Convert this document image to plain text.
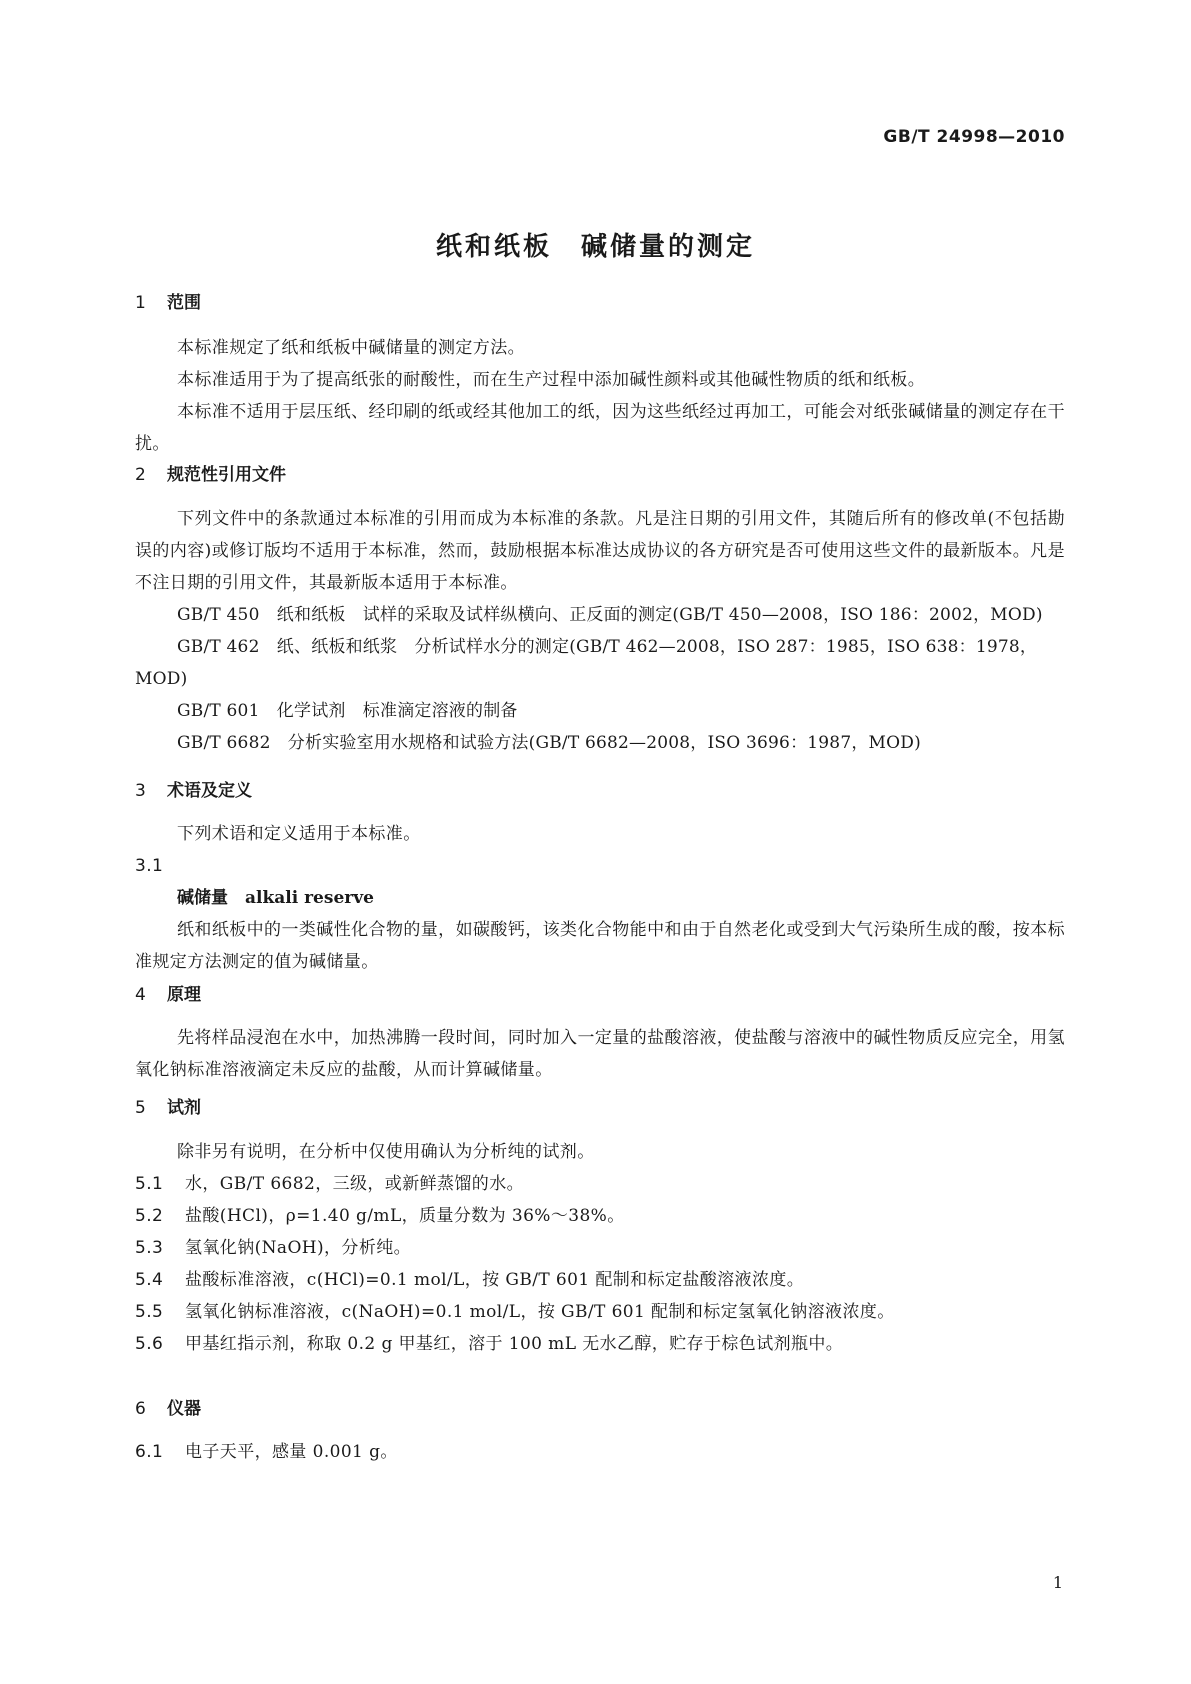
GB/T 24998—2010
纸和纸板　碱储量的测定
1 范围
本标准规定了纸和纸板中碱储量的测定方法。
本标准适用于为了提高纸张的耐酸性，而在生产过程中添加碱性颜料或其他碱性物质的纸和纸板。
本标准不适用于层压纸、经印刷的纸或经其他加工的纸，因为这些纸经过再加工，可能会对纸张碱储量的测定存在干扰。
2 规范性引用文件
下列文件中的条款通过本标准的引用而成为本标准的条款。凡是注日期的引用文件，其随后所有的修改单(不包括勘误的内容)或修订版均不适用于本标准，然而，鼓励根据本标准达成协议的各方研究是否可使用这些文件的最新版本。凡是不注日期的引用文件，其最新版本适用于本标准。
GB/T 450　纸和纸板　试样的采取及试样纵横向、正反面的测定(GB/T 450—2008，ISO 186：2002，MOD)
GB/T 462　纸、纸板和纸浆　分析试样水分的测定(GB/T 462—2008，ISO 287：1985，ISO 638：1978，MOD)
GB/T 601　化学试剂　标准滴定溶液的制备
GB/T 6682　分析实验室用水规格和试验方法(GB/T 6682—2008，ISO 3696：1987，MOD)
3 术语及定义
下列术语和定义适用于本标准。
3.1
碱储量　 alkali reserve
纸和纸板中的一类碱性化合物的量，如碳酸钙，该类化合物能中和由于自然老化或受到大气污染所生成的酸，按本标准规定方法测定的值为碱储量。
4 原理
先将样品浸泡在水中，加热沸腾一段时间，同时加入一定量的盐酸溶液，使盐酸与溶液中的碱性物质反应完全，用氢氧化钠标准溶液滴定未反应的盐酸，从而计算碱储量。
5 试剂
除非另有说明，在分析中仅使用确认为分析纯的试剂。
5.1 水，GB/T 6682，三级，或新鲜蒸馏的水。
5.2 盐酸(HCl)，ρ=1.40 g/mL，质量分数为 36%～38%。
5.3 氢氧化钠(NaOH)，分析纯。
5.4 盐酸标准溶液，c(HCl)=0.1 mol/L，按 GB/T 601 配制和标定盐酸溶液浓度。
5.5 氢氧化钠标准溶液，c(NaOH)=0.1 mol/L，按 GB/T 601 配制和标定氢氧化钠溶液浓度。
5.6 甲基红指示剂，称取 0.2 g 甲基红，溶于 100 mL 无水乙醇，贮存于棕色试剂瓶中。
6 仪器
6.1 电子天平，感量 0.001 g。
1
